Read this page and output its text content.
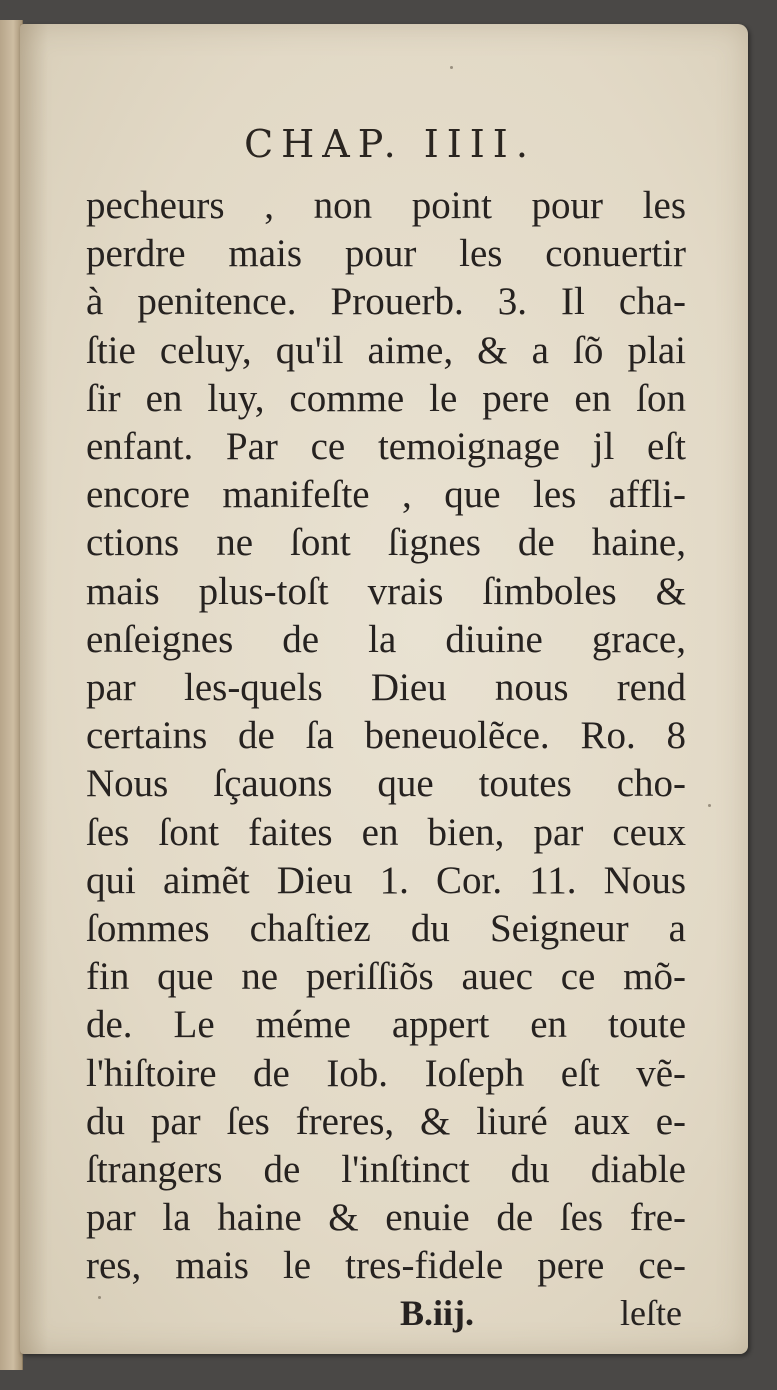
CHAP. IIII.
pecheurs , non point pour les
perdre mais pour les conuertir
à penitence. Prouerb. 3. Il cha-
ſtie celuy, qu'il aime, & a ſõ plai
ſir en luy, comme le pere en ſon
enfant. Par ce temoignage jl eſt
encore manifeſte , que les affli-
ctions ne ſont ſignes de haine,
mais plus-toſt vrais ſimboles &
enſeignes de la diuine grace,
par les-quels Dieu nous rend
certains de ſa beneuolẽce. Ro. 8
Nous ſçauons que toutes cho-
ſes ſont faites en bien, par ceux
qui aimẽt Dieu 1. Cor. 11. Nous
ſommes chaſtiez du Seigneur a
fin que ne periſſiõs auec ce mõ-
de. Le méme appert en toute
l'hiſtoire de Iob. Ioſeph eſt vẽ-
du par ſes freres, & liuré aux e-
ſtrangers de l'inſtinct du diable
par la haine & enuie de ſes fre-
res, mais le tres-fidele pere ce-
B.iij.	leſte
